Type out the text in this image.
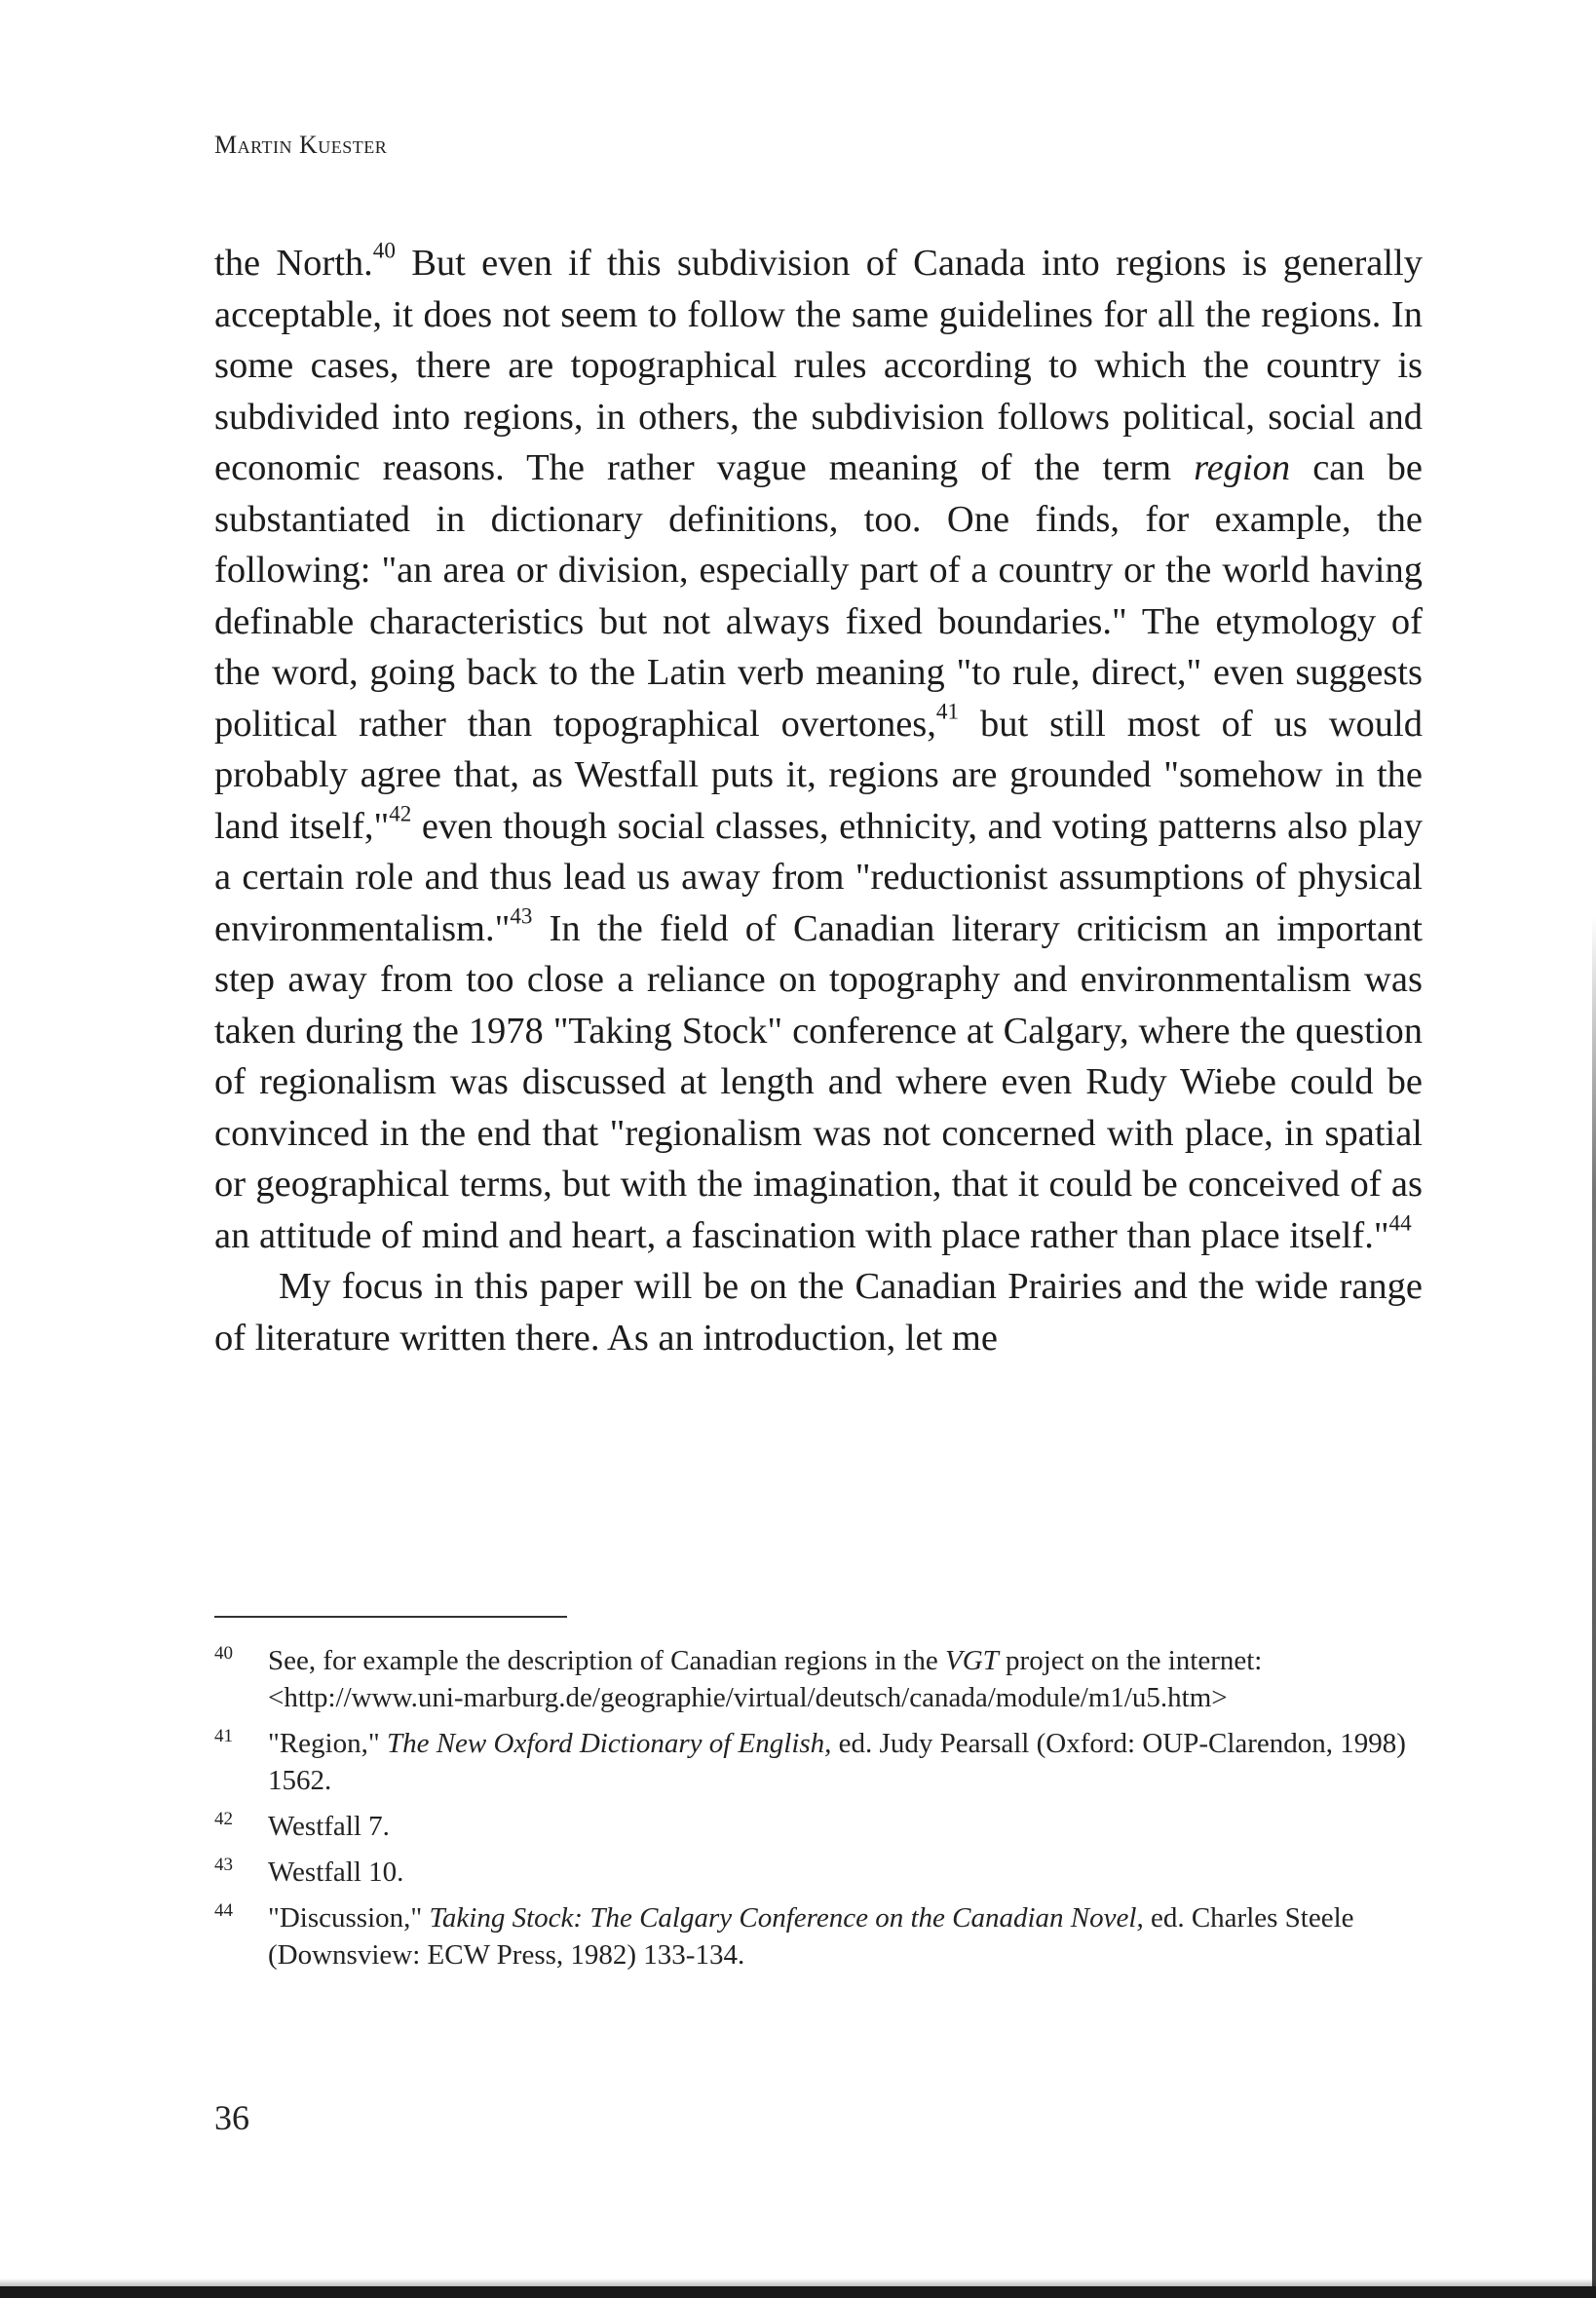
Martin Kuester

the North.$^{40}$ But even if this subdivision of Canada into regions is generally acceptable, it does not seem to follow the same guidelines for all the regions. In some cases, there are topographical rules according to which the country is subdivided into regions, in others, the subdivision follows political, social and economic reasons. The rather vague meaning of the term region can be substantiated in dictionary definitions, too. One finds, for example, the following: "an area or division, especially part of a country or the world having definable characteristics but not always fixed boundaries." The etymology of the word, going back to the Latin verb meaning "to rule, direct," even suggests political rather than topographical overtones,$^{41}$ but still most of us would probably agree that, as Westfall puts it, regions are grounded "somehow in the land itself,"$^{42}$ even though social classes, ethnicity, and voting patterns also play a certain role and thus lead us away from "reductionist assumptions of physical environmentalism."$^{43}$ In the field of Canadian literary criticism an important step away from too close a reliance on topography and environmentalism was taken during the 1978 "Taking Stock" conference at Calgary, where the question of regionalism was discussed at length and where even Rudy Wiebe could be convinced in the end that "regionalism was not concerned with place, in spatial or geographical terms, but with the imagination, that it could be conceived of as an attitude of mind and heart, a fascination with place rather than place itself."$^{44}$

My focus in this paper will be on the Canadian Prairies and the wide range of literature written there. As an introduction, let me

40 See, for example the description of Canadian regions in the VGT project on the internet: <http://www.uni-marburg.de/geographie/virtual/deutsch/canada/module/m1/u5.htm>
41 "Region," The New Oxford Dictionary of English, ed. Judy Pearsall (Oxford: OUP-Clarendon, 1998) 1562.
42 Westfall 7.
43 Westfall 10.
44 "Discussion," Taking Stock: The Calgary Conference on the Canadian Novel, ed. Charles Steele (Downsview: ECW Press, 1982) 133-134.
36
